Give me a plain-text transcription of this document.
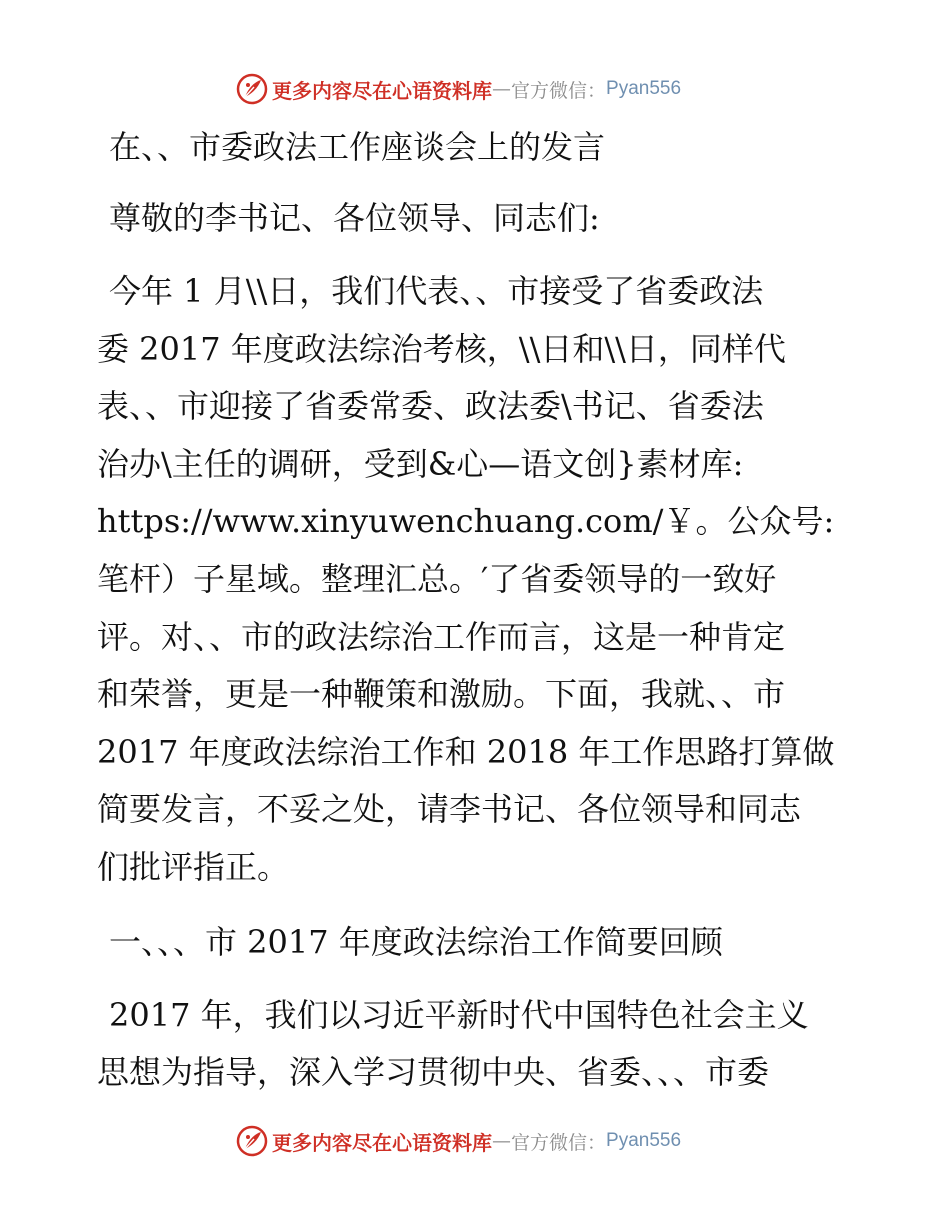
更多内容尽在心语资料库 — 官方微信： Pyan556

在、、市委政法工作座谈会上的发言

尊敬的李书记、各位领导、同志们:

今年 1 月\\日，我们代表、、市接受了省委政法

委 2017 年度政法综治考核，\\日和\\日，同样代

表、、市迎接了省委常委、政法委\书记、省委法

治办\主任的调研，受到&心—语文创}素材库:

https://www.xinyuwenchuang.com/￥。公众号:

笔杆）子星域。整理汇总。′了省委领导的一致好

评。对、、市的政法综治工作而言，这是一种肯定

和荣誉，更是一种鞭策和激励。下面，我就、、市

2017 年度政法综治工作和 2018 年工作思路打算做

简要发言，不妥之处，请李书记、各位领导和同志

们批评指正。

一、、、市 2017 年度政法综治工作简要回顾

2017 年，我们以习近平新时代中国特色社会主义

思想为指导，深入学习贯彻中央、省委、、、市委

更多内容尽在心语资料库 — 官方微信： Pyan556
